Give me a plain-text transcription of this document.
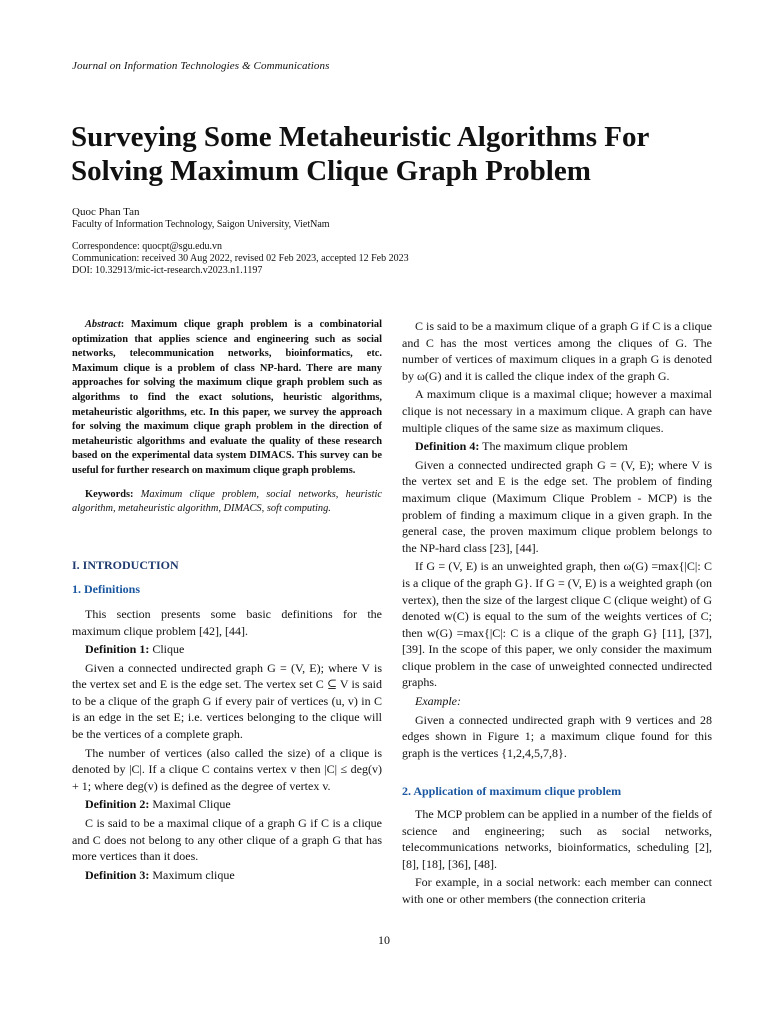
Journal on Information Technologies & Communications
Surveying Some Metaheuristic Algorithms For Solving Maximum Clique Graph Problem
Quoc Phan Tan
Faculty of Information Technology, Saigon University, VietNam
Correspondence: quocpt@sgu.edu.vn
Communication: received 30 Aug 2022, revised 02 Feb 2023, accepted 12 Feb 2023
DOI: 10.32913/mic-ict-research.v2023.n1.1197
Abstract: Maximum clique graph problem is a combinatorial optimization that applies science and engineering such as social networks, telecommunication networks, bioinformatics, etc. Maximum clique is a problem of class NP-hard. There are many approaches for solving the maximum clique graph problem such as algorithms to find the exact solutions, heuristic algorithms, metaheuristic algorithms, etc. In this paper, we survey the approach for solving the maximum clique graph problem in the direction of metaheuristic algorithms and evaluate the quality of these research based on the experimental data system DIMACS. This survey can be useful for further research on maximum clique graph problems.
Keywords: Maximum clique problem, social networks, heuristic algorithm, metaheuristic algorithm, DIMACS, soft computing.
I. INTRODUCTION
1. Definitions

This section presents some basic definitions for the maximum clique problem [42], [44].

Definition 1: Clique

Given a connected undirected graph G = (V, E); where V is the vertex set and E is the edge set. The vertex set C ⊆ V is said to be a clique of the graph G if every pair of vertices (u, v) in C is an edge in the set E; i.e. vertices belonging to the clique will be the vertices of a complete graph.

The number of vertices (also called the size) of a clique is denoted by |C|. If a clique C contains vertex v then |C| ≤ deg(v) + 1; where deg(v) is defined as the degree of vertex v.

Definition 2: Maximal Clique

C is said to be a maximal clique of a graph G if C is a clique and C does not belong to any other clique of a graph G that has more vertices than it does.

Definition 3: Maximum clique

C is said to be a maximum clique of a graph G if C is a clique and C has the most vertices among the cliques of G. The number of vertices of maximum cliques in a graph G is denoted by ω(G) and it is called the clique index of the graph G.

A maximum clique is a maximal clique; however a maximal clique is not necessary in a maximum clique. A graph can have multiple cliques of the same size as maximum cliques.

Definition 4: The maximum clique problem

Given a connected undirected graph G = (V, E); where V is the vertex set and E is the edge set. The problem of finding maximum clique (Maximum Clique Problem - MCP) is the problem of finding a maximum clique in a given graph. In the general case, the proven maximum clique problem belongs to the NP-hard class [23], [44].

If G = (V, E) is an unweighted graph, then ω(G) =max{|C|: C is a clique of the graph G}. If G = (V, E) is a weighted graph (on vertex), then the size of the largest clique C (clique weight) of G denoted w(C) is equal to the sum of the weights vertices of C; then w(G) =max{|C|: C is a clique of the graph G} [11], [37], [39]. In the scope of this paper, we only consider the maximum clique problem in the case of unweighted connected undirected graphs.

Example:

Given a connected undirected graph with 9 vertices and 28 edges shown in Figure 1; a maximum clique found for this graph is the vertices {1,2,4,5,7,8}.

2. Application of maximum clique problem

The MCP problem can be applied in a number of the fields of science and engineering; such as social networks, telecommunications networks, bioinformatics, scheduling [2], [8], [18], [36], [48].

For example, in a social network: each member can connect with one or other members (the connection criteria

10
